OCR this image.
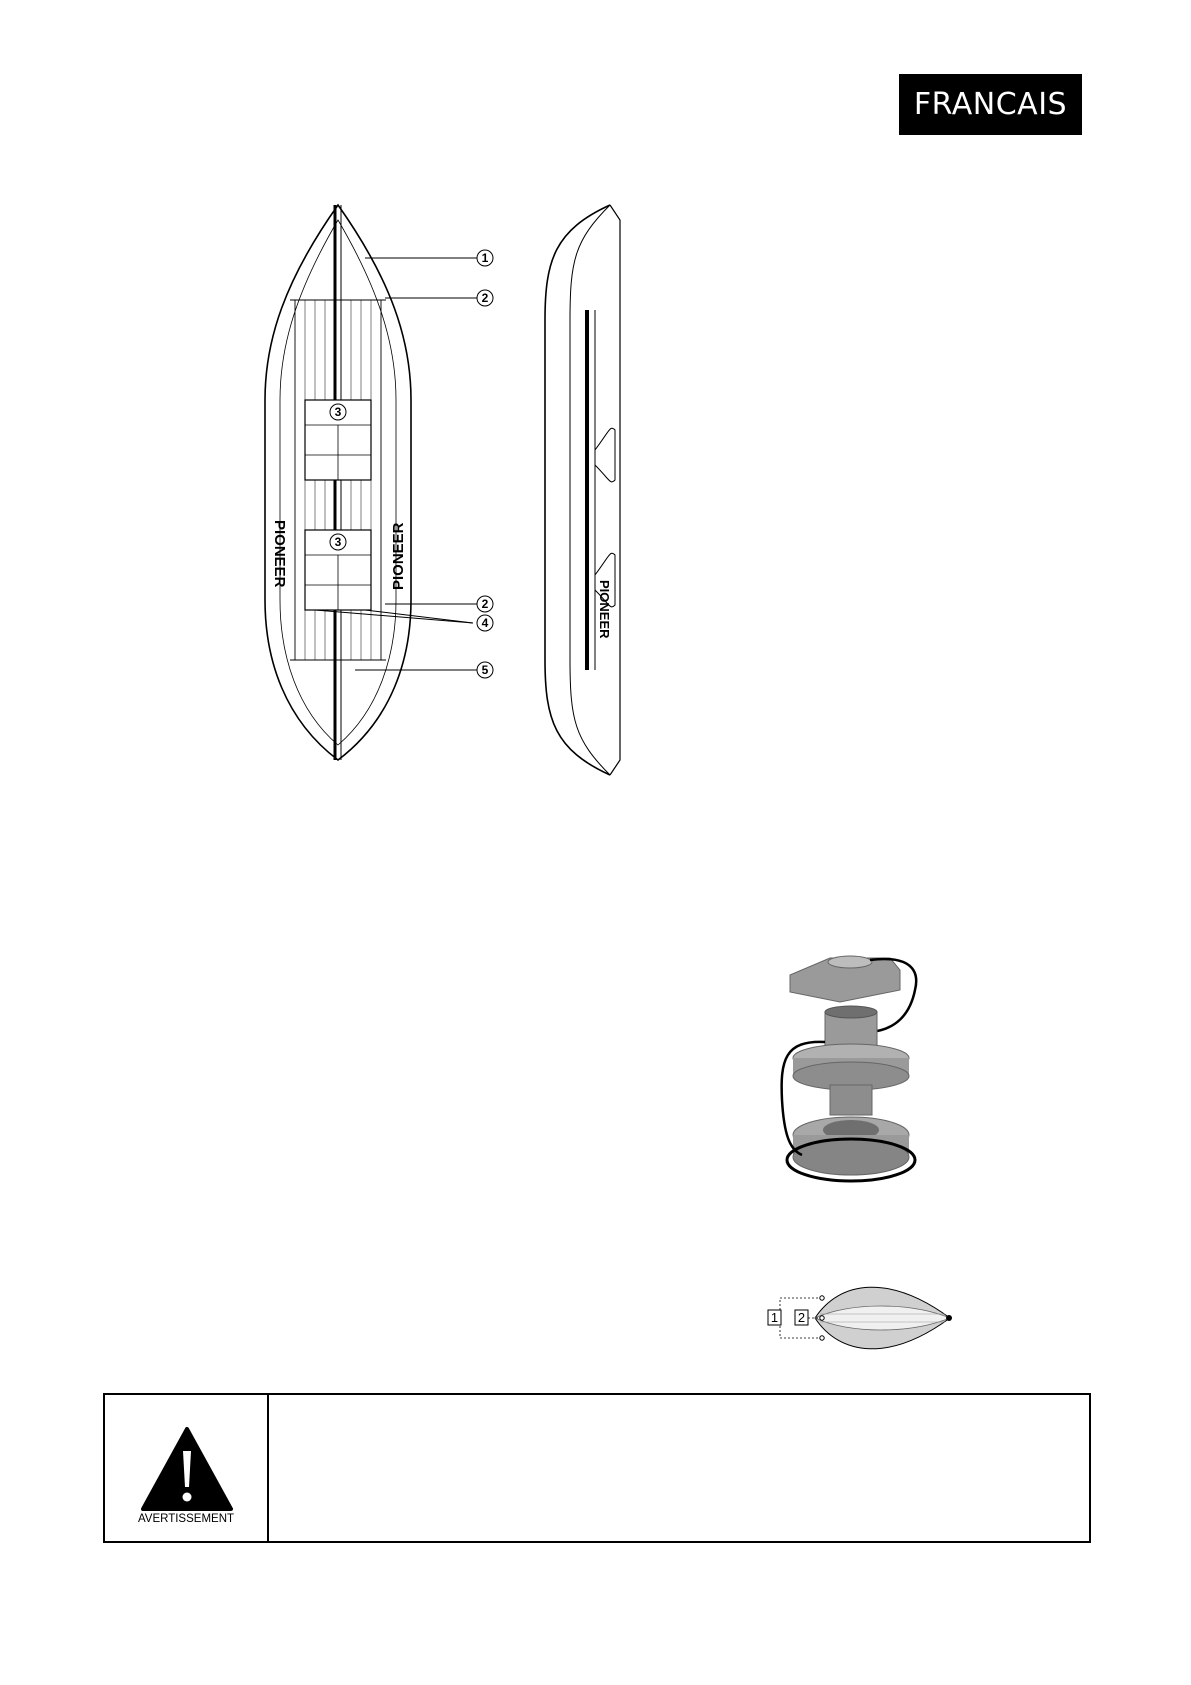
FRANCAIS
1
2
3
3
2
4
5
PIONEER	PIONEER
PIONEER
1 2
AVERTISSEMENT
